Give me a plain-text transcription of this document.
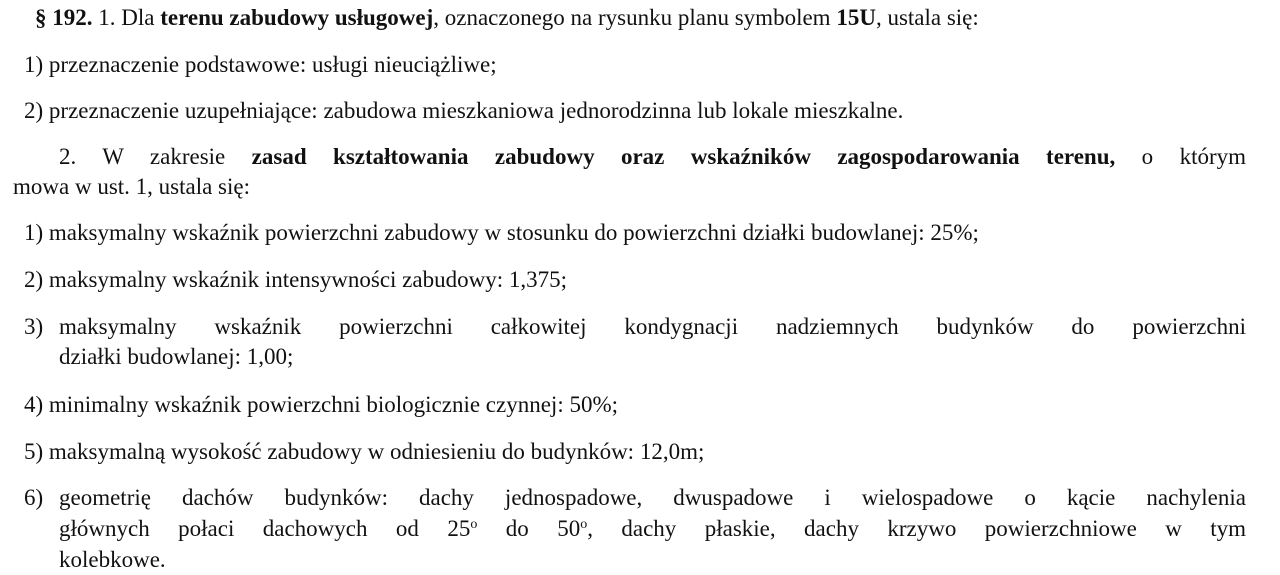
§ 192. 1. Dla terenu zabudowy usługowej, oznaczonego na rysunku planu symbolem 15U, ustala się:
1) przeznaczenie podstawowe: usługi nieuciążliwe;
2) przeznaczenie uzupełniające: zabudowa mieszkaniowa jednorodzinna lub lokale mieszkalne.
2. W zakresie zasad kształtowania zabudowy oraz wskaźników zagospodarowania terenu, o którym
mowa w ust. 1, ustala się:
1) maksymalny wskaźnik powierzchni zabudowy w stosunku do powierzchni działki budowlanej: 25%;
2) maksymalny wskaźnik intensywności zabudowy: 1,375;
3) maksymalny wskaźnik powierzchni całkowitej kondygnacji nadziemnych budynków do powierzchni
działki budowlanej: 1,00;
4) minimalny wskaźnik powierzchni biologicznie czynnej: 50%;
5) maksymalną wysokość zabudowy w odniesieniu do budynków: 12,0m;
6) geometrię dachów budynków: dachy jednospadowe, dwuspadowe i wielospadowe o kącie nachylenia
głównych połaci dachowych od 25$^o$ do 50$^o$, dachy płaskie, dachy krzywo powierzchniowe w tym
kolebkowe.
